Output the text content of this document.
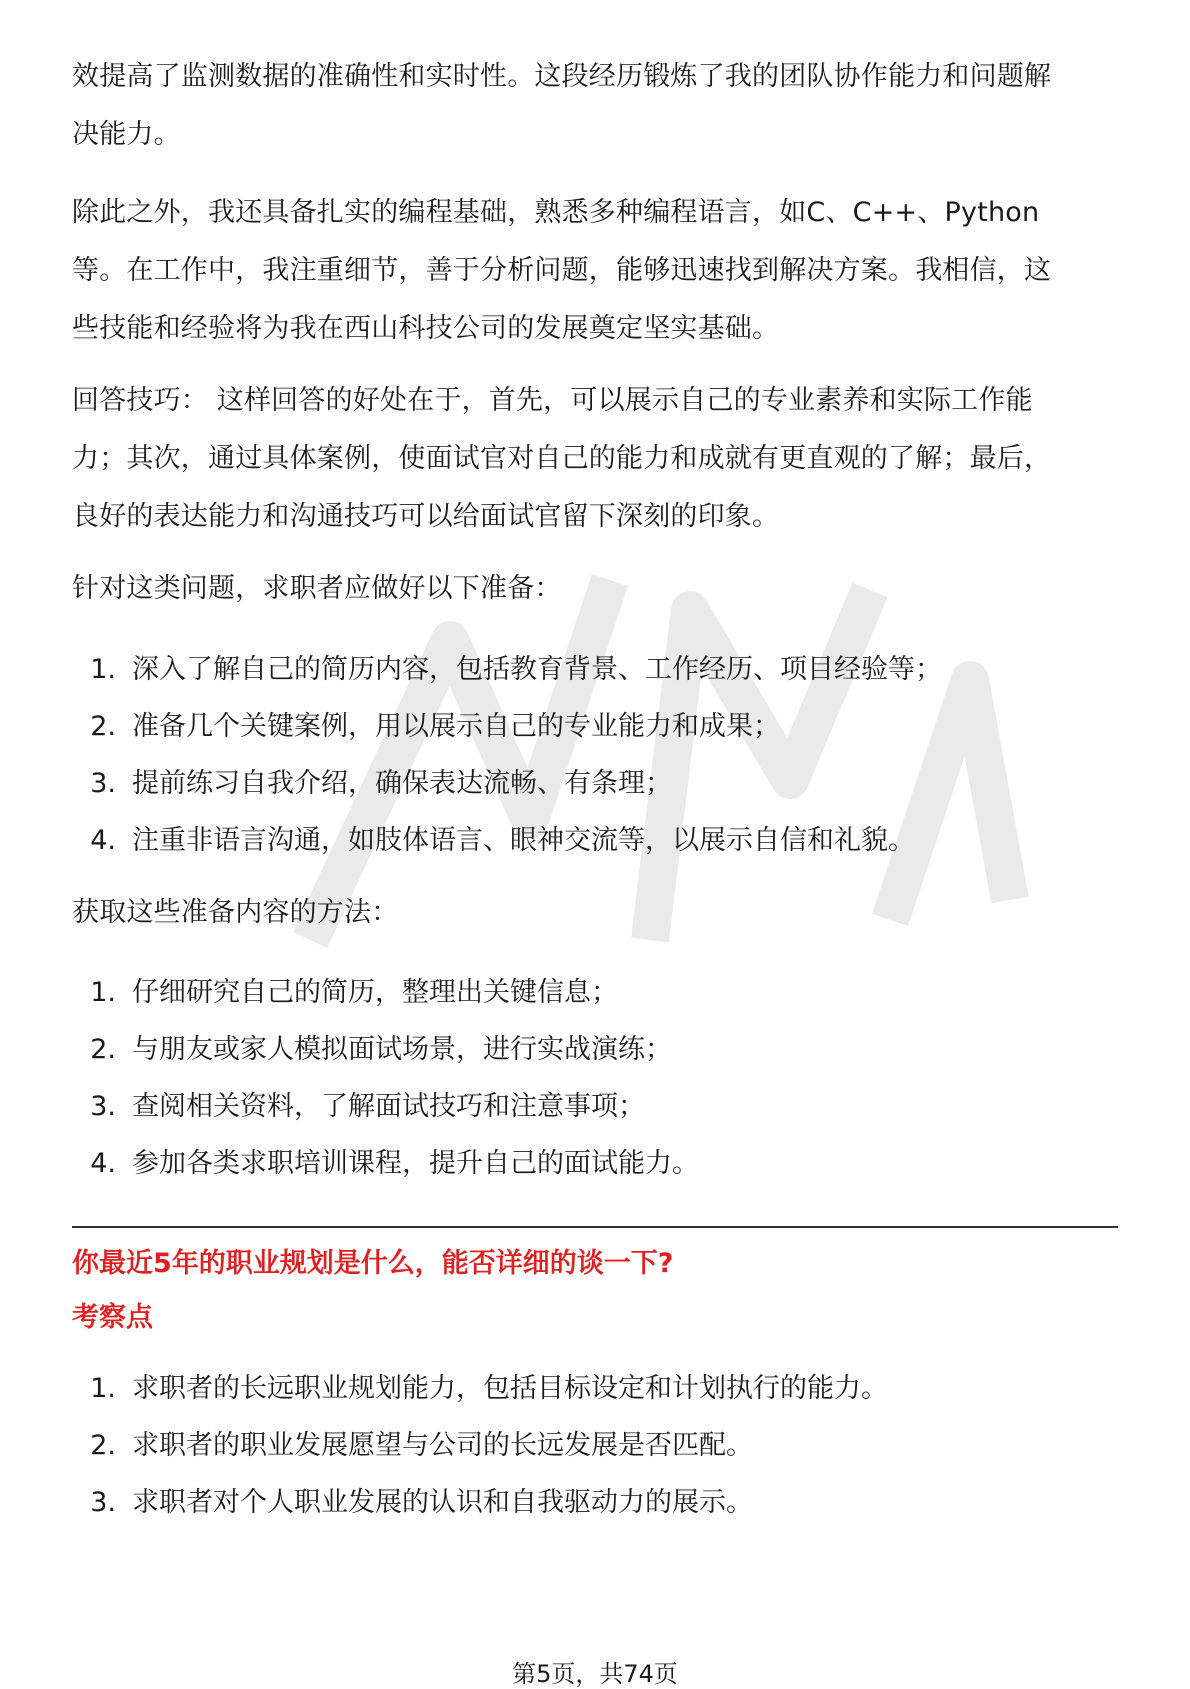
效提高了监测数据的准确性和实时性。这段经历锻炼了我的团队协作能力和问题解

决能力。

除此之外，我还具备扎实的编程基础，熟悉多种编程语言，如C、C++、Python

等。在工作中，我注重细节，善于分析问题，能够迅速找到解决方案。我相信，这

些技能和经验将为我在西山科技公司的发展奠定坚实基础。

回答技巧： 这样回答的好处在于，首先，可以展示自己的专业素养和实际工作能

力；其次，通过具体案例，使面试官对自己的能力和成就有更直观的了解；最后，

良好的表达能力和沟通技巧可以给面试官留下深刻的印象。

针对这类问题，求职者应做好以下准备：

1. 深入了解自己的简历内容，包括教育背景、工作经历、项目经验等；
2. 准备几个关键案例，用以展示自己的专业能力和成果；
3. 提前练习自我介绍，确保表达流畅、有条理；
4. 注重非语言沟通，如肢体语言、眼神交流等，以展示自信和礼貌。

获取这些准备内容的方法：

1. 仔细研究自己的简历，整理出关键信息；
2. 与朋友或家人模拟面试场景，进行实战演练；
3. 查阅相关资料，了解面试技巧和注意事项；
4. 参加各类求职培训课程，提升自己的面试能力。

你最近5年的职业规划是什么，能否详细的谈一下?

考察点

1. 求职者的长远职业规划能力，包括目标设定和计划执行的能力。
2. 求职者的职业发展愿望与公司的长远发展是否匹配。
3. 求职者对个人职业发展的认识和自我驱动力的展示。
第5页，共74页
